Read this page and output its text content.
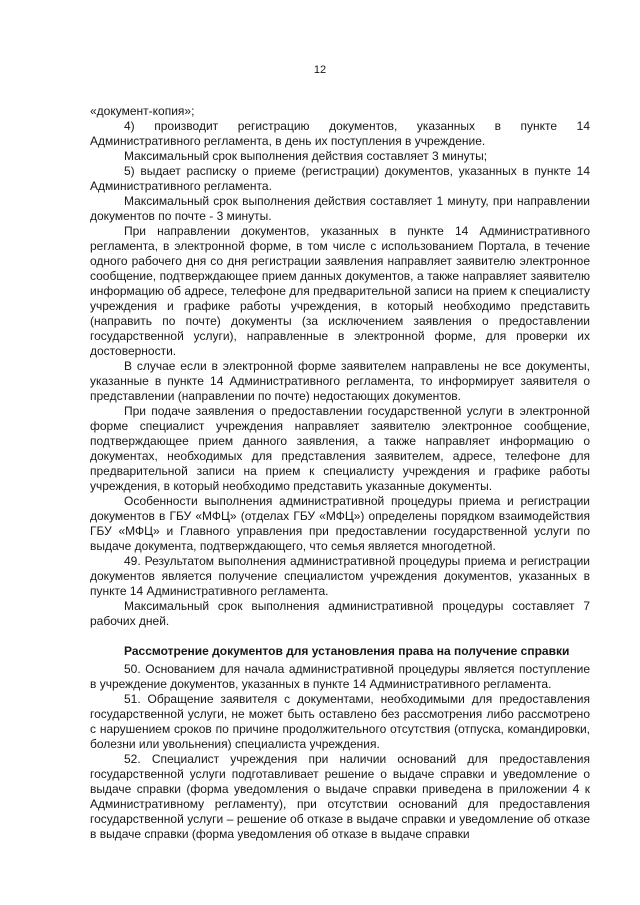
12

«документ-копия»;

4) производит регистрацию документов, указанных в пункте 14 Административного регламента, в день их поступления в учреждение.

Максимальный срок выполнения действия составляет 3 минуты;

5) выдает расписку о приеме (регистрации) документов, указанных в пункте 14 Административного регламента.

Максимальный срок выполнения действия составляет 1 минуту, при направлении документов по почте - 3 минуты.

При направлении документов, указанных в пункте 14 Административного регламента, в электронной форме, в том числе с использованием Портала, в течение одного рабочего дня со дня регистрации заявления направляет заявителю электронное сообщение, подтверждающее прием данных документов, а также направляет заявителю информацию об адресе, телефоне для предварительной записи на прием к специалисту учреждения и графике работы учреждения, в который необходимо представить (направить по почте) документы (за исключением заявления о предоставлении государственной услуги), направленные в электронной форме, для проверки их достоверности.

В случае если в электронной форме заявителем направлены не все документы, указанные в пункте 14 Административного регламента, то информирует заявителя о представлении (направлении по почте) недостающих документов.

При подаче заявления о предоставлении государственной услуги в электронной форме специалист учреждения направляет заявителю электронное сообщение, подтверждающее прием данного заявления, а также направляет информацию о документах, необходимых для представления заявителем, адресе, телефоне для предварительной записи на прием к специалисту учреждения и графике работы учреждения, в который необходимо представить указанные документы.

Особенности выполнения административной процедуры приема и регистрации документов в ГБУ «МФЦ» (отделах ГБУ «МФЦ») определены порядком взаимодействия ГБУ «МФЦ» и Главного управления при предоставлении государственной услуги по выдаче документа, подтверждающего, что семья является многодетной.

49. Результатом выполнения административной процедуры приема и регистрации документов является получение специалистом учреждения документов, указанных в пункте 14 Административного регламента.

Максимальный срок выполнения административной процедуры составляет 7 рабочих дней.

Рассмотрение документов для установления права на получение справки

50. Основанием для начала административной процедуры является поступление в учреждение документов, указанных в пункте 14 Административного регламента.

51. Обращение заявителя с документами, необходимыми для предоставления государственной услуги, не может быть оставлено без рассмотрения либо рассмотрено с нарушением сроков по причине продолжительного отсутствия (отпуска, командировки, болезни или увольнения) специалиста учреждения.

52. Специалист учреждения при наличии оснований для предоставления государственной услуги подготавливает решение о выдаче справки и уведомление о выдаче справки (форма уведомления о выдаче справки приведена в приложении 4 к Административному регламенту), при отсутствии оснований для предоставления государственной услуги – решение об отказе в выдаче справки и уведомление об отказе в выдаче справки (форма уведомления об отказе в выдаче справки
